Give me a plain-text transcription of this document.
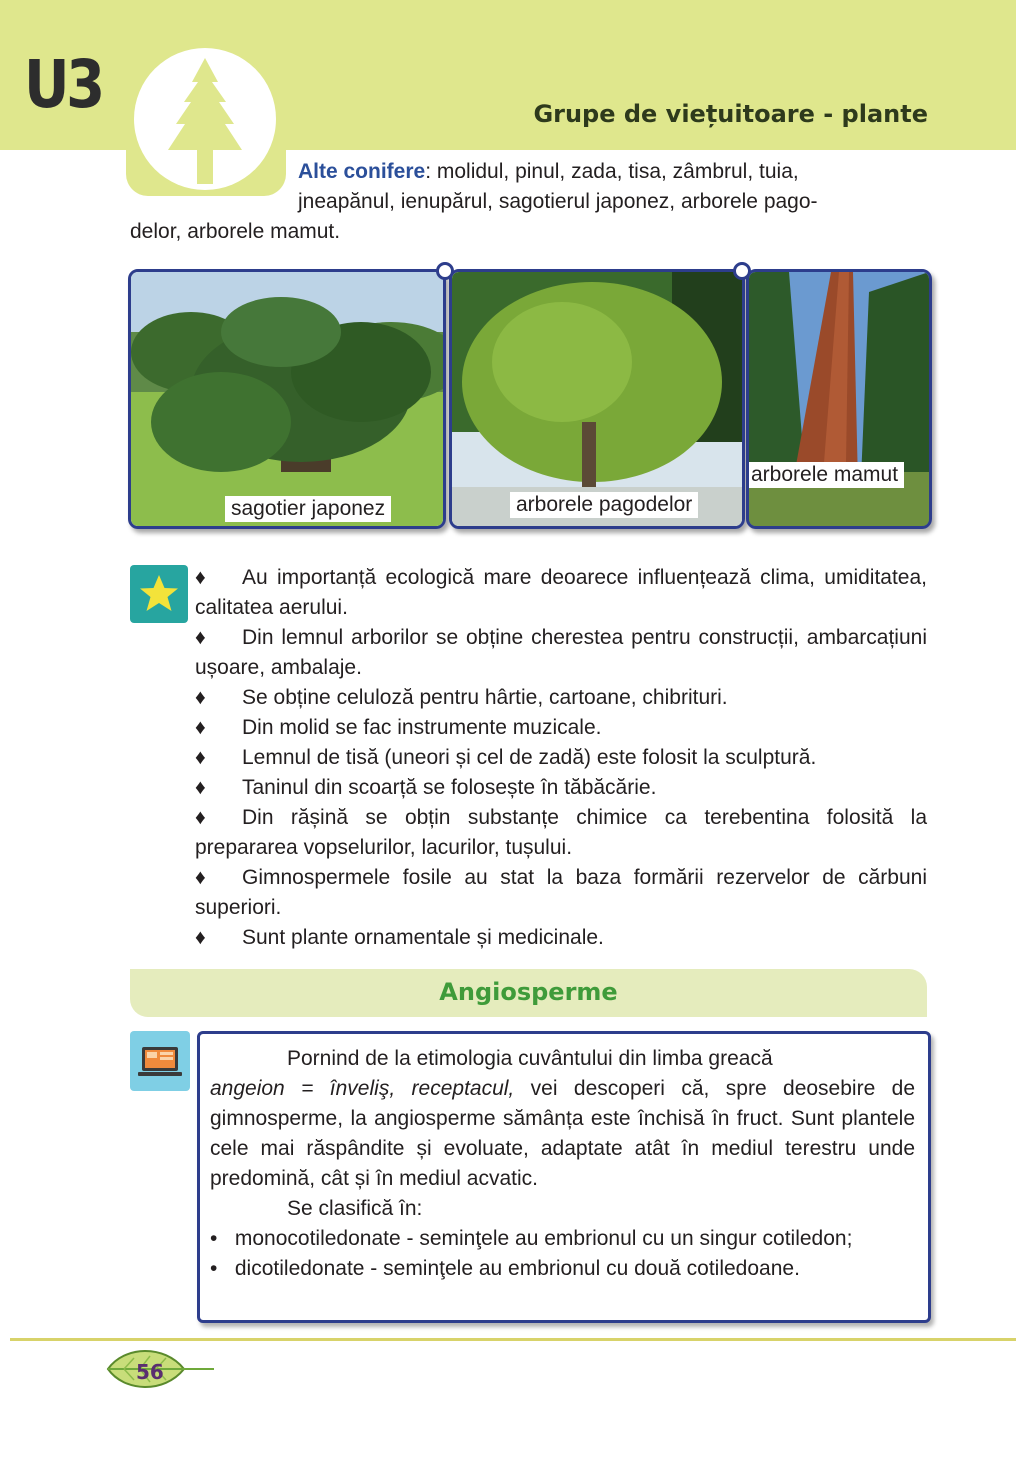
U3	Grupe de viețuitoare - plante
Alte conifere: molidul, pinul, zada, tisa, zâmbrul, tuia,
jneapănul, ienupărul, sagotierul japonez, arborele pago-
delor, arborele mamut.
sagotier japonez	arborele pagodelor
arborele mamut
♦ Au importanță ecologică mare deoarece influențează clima, umiditatea, calitatea aerului.
♦ Din lemnul arborilor se obține cherestea pentru construcții, ambarcațiuni ușoare, ambalaje.
♦ Se obține celuloză pentru hârtie, cartoane, chibrituri.
♦ Din molid se fac instrumente muzicale.
♦ Lemnul de tisă (uneori și cel de zadă) este folosit la sculptură.
♦ Taninul din scoarță se folosește în tăbăcărie.
♦ Din rășină se obțin substanțe chimice ca terebentina folosită la prepararea vopselurilor, lacurilor, tușului.
♦ Gimnospermele fosile au stat la baza formării rezervelor de cărbuni superiori.
♦ Sunt plante ornamentale și medicinale.
Angiosperme
Pornind de la etimologia cuvântului din limba greacă
angeion = înveliş, receptacul, vei descoperi că, spre deosebire de gimnosperme, la angiosperme sămânța este închisă în fruct. Sunt plantele cele mai răspândite și evoluate, adaptate atât în mediul terestru unde predomină, cât și în mediul acvatic.
Se clasifică în:
• monocotiledonate - seminţele au embrionul cu un singur cotiledon;
• dicotiledonate - seminţele au embrionul cu două cotiledoane.
56
